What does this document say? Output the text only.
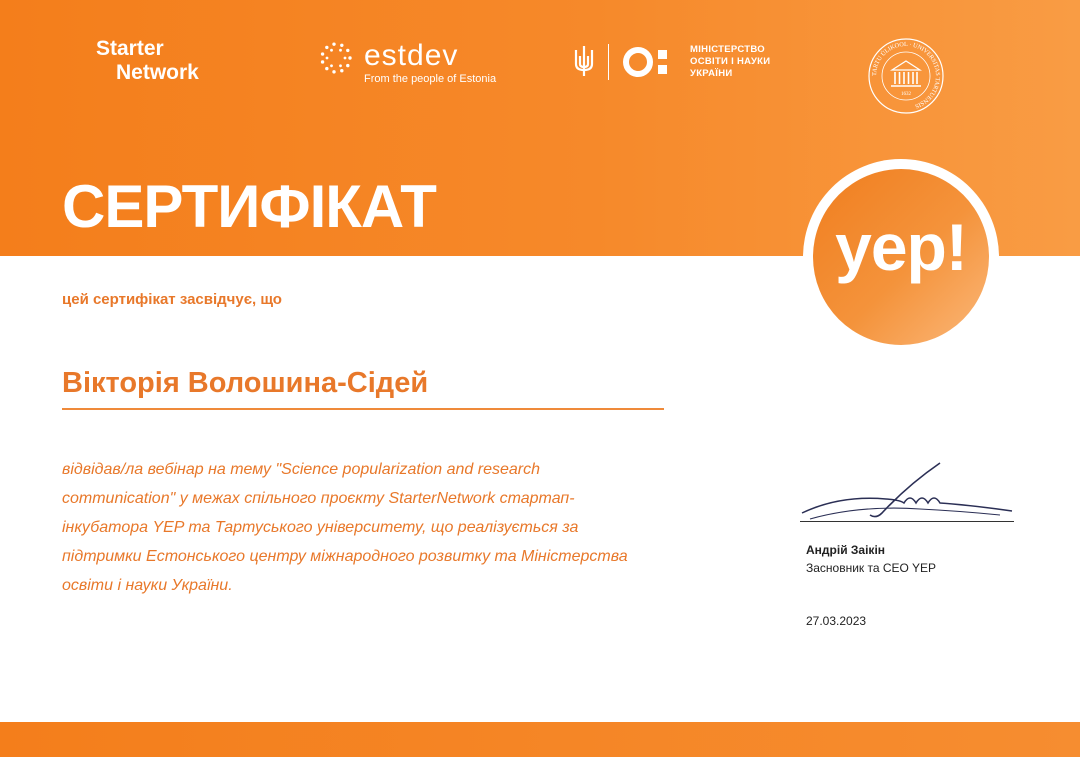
Starter
Network
estdev
From the people of Estonia
МІНІСТЕРСТВО
ОСВІТИ І НАУКИ
УКРАЇНИ	TARTU ÜLIKOOL · UNIVERSITAS TARTUENSIS
1632
СЕРТИФІКАТ
yep!
цей сертифікат засвідчує, що
Вікторія Волошина-Сідей
відвідав/ла вебінар на тему "Science popularization and research communication" у межах спільного проєкту StarterNetwork стартап-інкубатора YEP та Тартуського університету, що реалізується за підтримки Естонського центру міжнародного розвитку та Міністерства освіти і науки України.
Андрій Заікін
Засновник та CEO YEP
27.03.2023
